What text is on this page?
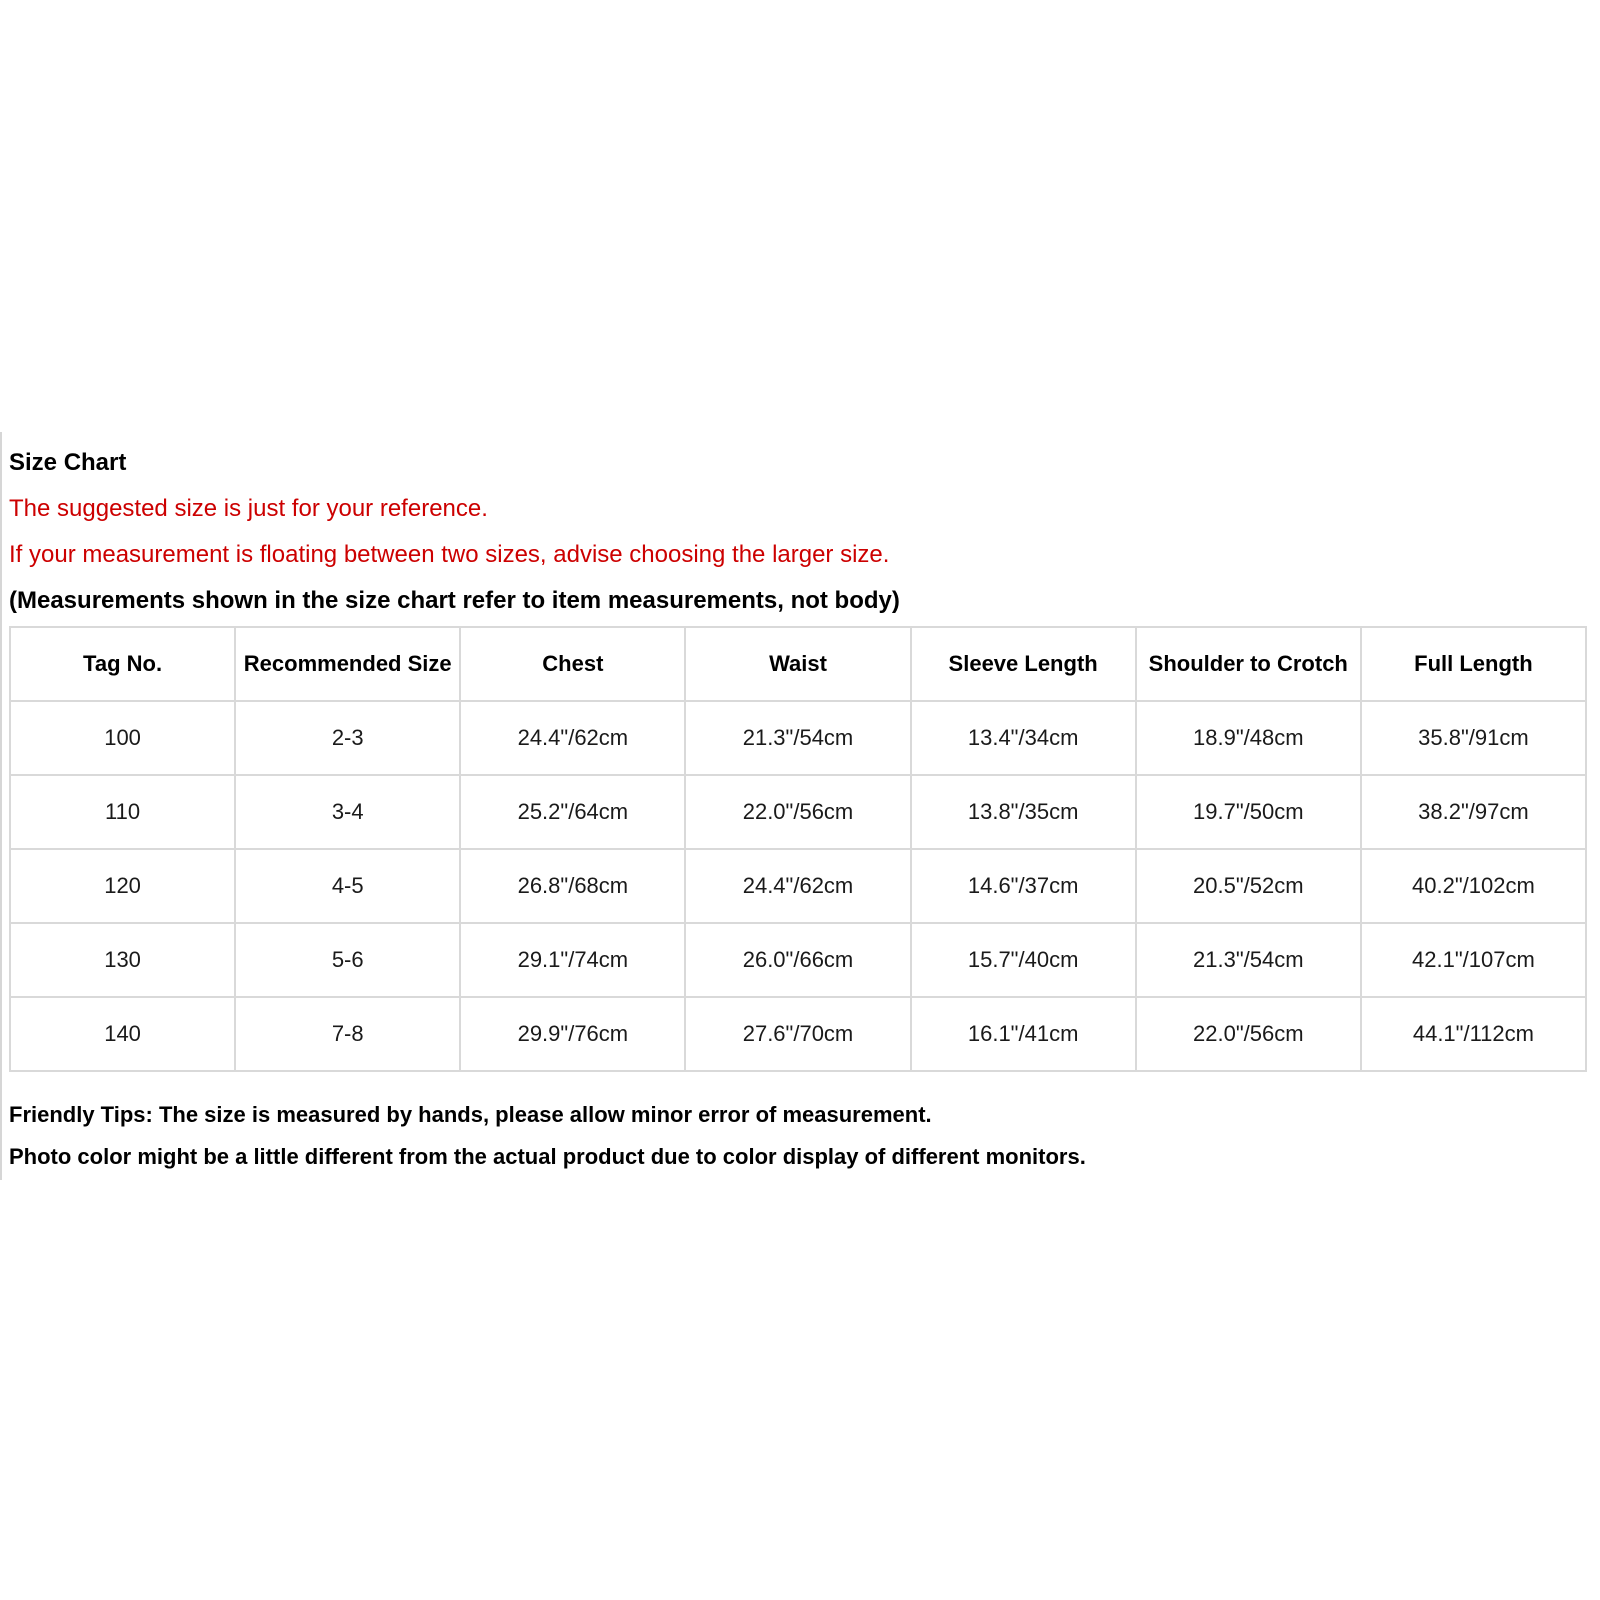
Size Chart
The suggested size is just for your reference.
If your measurement is floating between two sizes, advise choosing the larger size.
(Measurements shown in the size chart refer to item measurements, not body)
Tag No.	Recommended Size	Chest	Waist	Sleeve Length	Shoulder to Crotch	Full Length
100	2-3	24.4"/62cm	21.3"/54cm	13.4"/34cm	18.9"/48cm	35.8"/91cm
110	3-4	25.2"/64cm	22.0"/56cm	13.8"/35cm	19.7"/50cm	38.2"/97cm
120	4-5	26.8"/68cm	24.4"/62cm	14.6"/37cm	20.5"/52cm	40.2"/102cm
130	5-6	29.1"/74cm	26.0"/66cm	15.7"/40cm	21.3"/54cm	42.1"/107cm
140	7-8	29.9"/76cm	27.6"/70cm	16.1"/41cm	22.0"/56cm	44.1"/112cm
Friendly Tips: The size is measured by hands, please allow minor error of measurement.
Photo color might be a little different from the actual product due to color display of different monitors.
